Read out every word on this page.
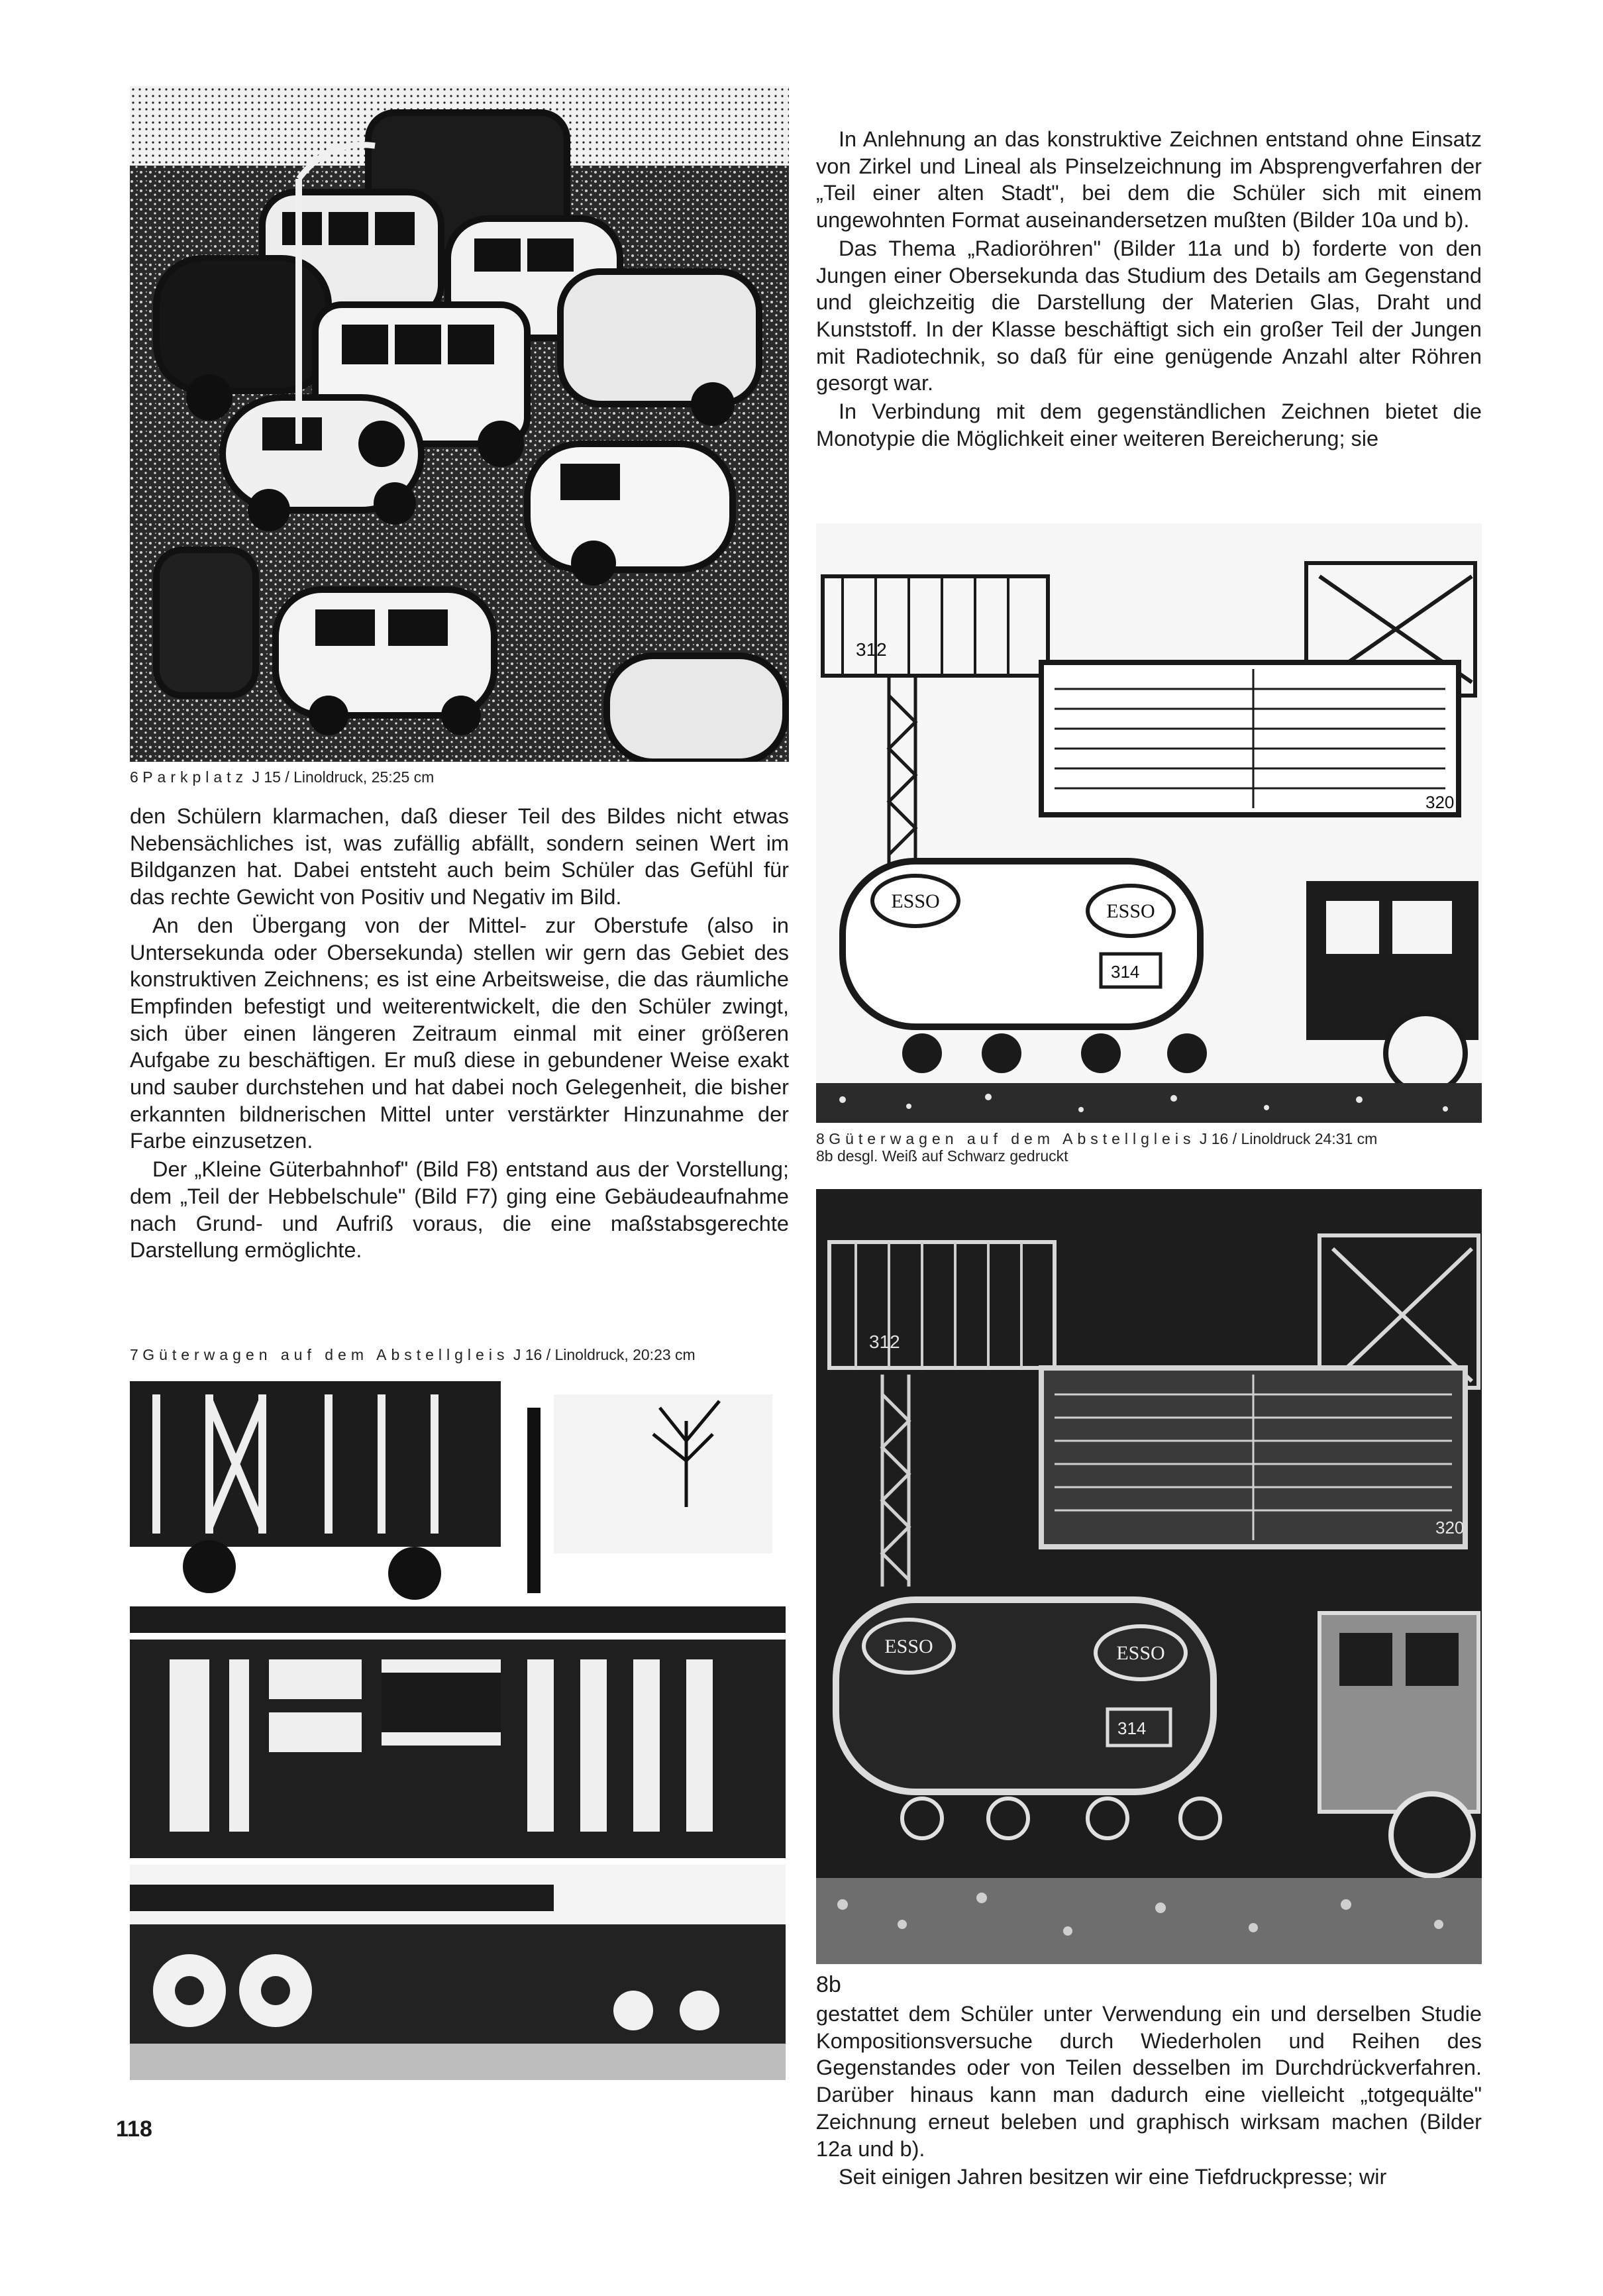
6 Parkplatz J 15 / Linoldruck, 25:25 cm

den Schülern klarmachen, daß dieser Teil des Bildes nicht etwas Nebensächliches ist, was zufällig abfällt, sondern seinen Wert im Bildganzen hat. Dabei entsteht auch beim Schüler das Gefühl für das rechte Gewicht von Positiv und Negativ im Bild.

An den Übergang von der Mittel- zur Oberstufe (also in Untersekunda oder Obersekunda) stellen wir gern das Gebiet des konstruktiven Zeichnens; es ist eine Arbeitsweise, die das räumliche Empfinden befestigt und weiterentwickelt, die den Schüler zwingt, sich über einen längeren Zeitraum einmal mit einer größeren Aufgabe zu beschäftigen. Er muß diese in gebundener Weise exakt und sauber durchstehen und hat dabei noch Gelegenheit, die bisher erkannten bildnerischen Mittel unter verstärkter Hinzunahme der Farbe einzusetzen.

Der „Kleine Güterbahnhof" (Bild F8) entstand aus der Vorstellung; dem „Teil der Hebbelschule" (Bild F7) ging eine Gebäudeaufnahme nach Grund- und Aufriß voraus, die eine maßstabsgerechte Darstellung ermöglichte.

7 Güterwagen auf dem Abstellgleis J 16 / Linoldruck, 20:23 cm

In Anlehnung an das konstruktive Zeichnen entstand ohne Einsatz von Zirkel und Lineal als Pinselzeichnung im Absprengverfahren der „Teil einer alten Stadt", bei dem die Schüler sich mit einem ungewohnten Format auseinandersetzen mußten (Bilder 10a und b).

Das Thema „Radioröhren" (Bilder 11a und b) forderte von den Jungen einer Obersekunda das Studium des Details am Gegenstand und gleichzeitig die Darstellung der Materien Glas, Draht und Kunststoff. In der Klasse beschäftigt sich ein großer Teil der Jungen mit Radiotechnik, so daß für eine genügende Anzahl alter Röhren gesorgt war.

In Verbindung mit dem gegenständlichen Zeichnen bietet die Monotypie die Möglichkeit einer weiteren Bereicherung; sie

312
320
ESSO	ESSO
314
8 Güterwagen auf dem Abstellgleis J 16 / Linoldruck 24:31 cm
8b desgl. Weiß auf Schwarz gedruckt
312
320
ESSO	ESSO
314
8b

gestattet dem Schüler unter Verwendung ein und derselben Studie Kompositionsversuche durch Wiederholen und Reihen des Gegenstandes oder von Teilen desselben im Durchdrückverfahren. Darüber hinaus kann man dadurch eine vielleicht „totgequälte" Zeichnung erneut beleben und graphisch wirksam machen (Bilder 12a und b).

Seit einigen Jahren besitzen wir eine Tiefdruckpresse; wir

118
